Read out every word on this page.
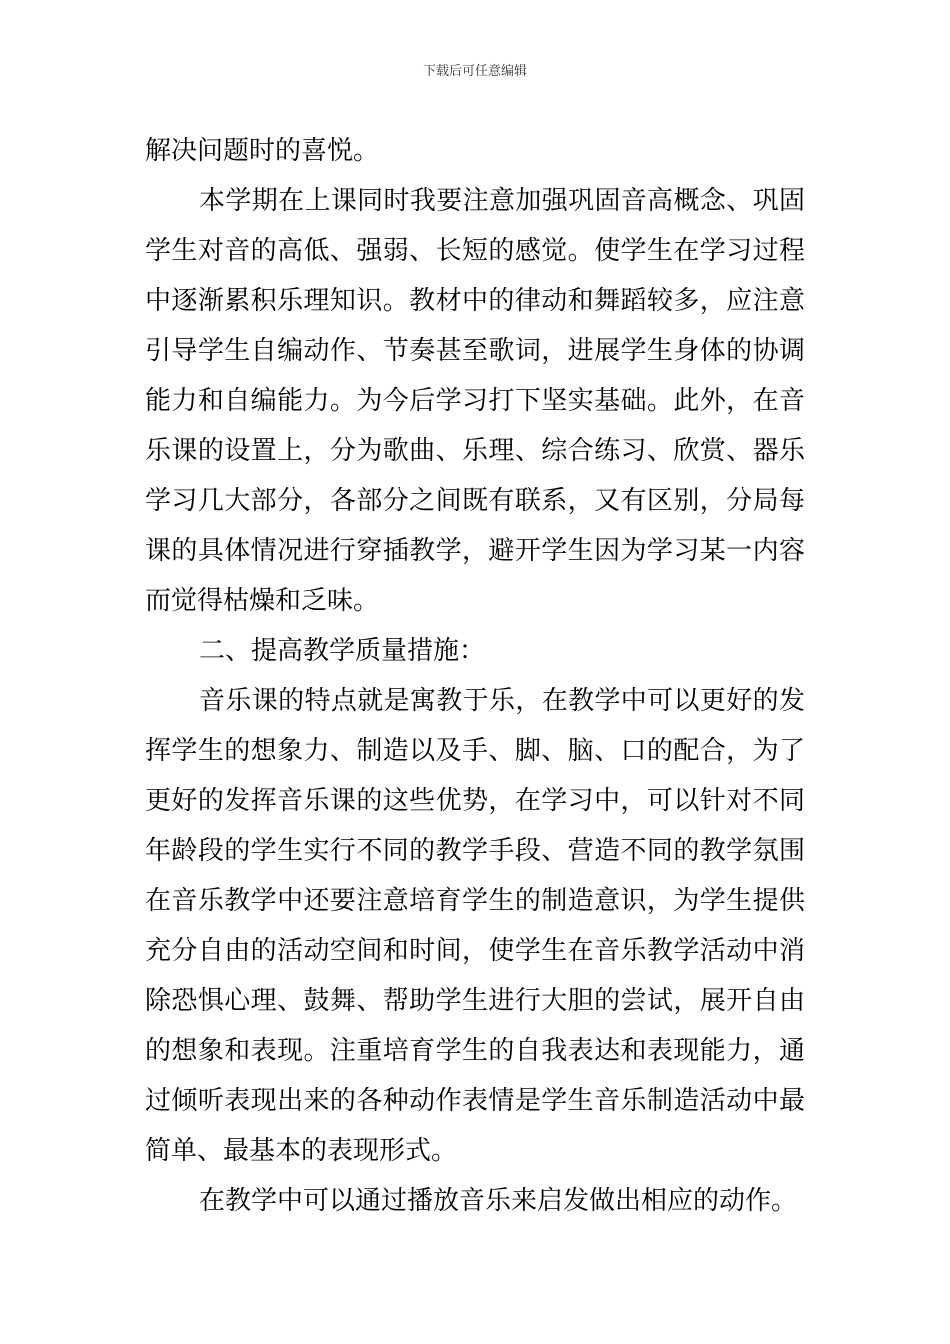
下载后可任意编辑
解决问题时的喜悦。
本学期在上课同时我要注意加强巩固音高概念、巩固
学生对音的高低、强弱、长短的感觉。使学生在学习过程
中逐渐累积乐理知识。教材中的律动和舞蹈较多，应注意
引导学生自编动作、节奏甚至歌词，进展学生身体的协调
能力和自编能力。为今后学习打下坚实基础。此外，在音
乐课的设置上，分为歌曲、乐理、综合练习、欣赏、器乐
学习几大部分，各部分之间既有联系，又有区别，分局每
课的具体情况进行穿插教学，避开学生因为学习某一内容
而觉得枯燥和乏味。
二、提高教学质量措施：
音乐课的特点就是寓教于乐，在教学中可以更好的发
挥学生的想象力、制造以及手、脚、脑、口的配合，为了
更好的发挥音乐课的这些优势，在学习中，可以针对不同
年龄段的学生实行不同的教学手段、营造不同的教学氛围
在音乐教学中还要注意培育学生的制造意识，为学生提供
充分自由的活动空间和时间，使学生在音乐教学活动中消
除恐惧心理、鼓舞、帮助学生进行大胆的尝试，展开自由
的想象和表现。注重培育学生的自我表达和表现能力，通
过倾听表现出来的各种动作表情是学生音乐制造活动中最
简单、最基本的表现形式。
在教学中可以通过播放音乐来启发做出相应的动作。
